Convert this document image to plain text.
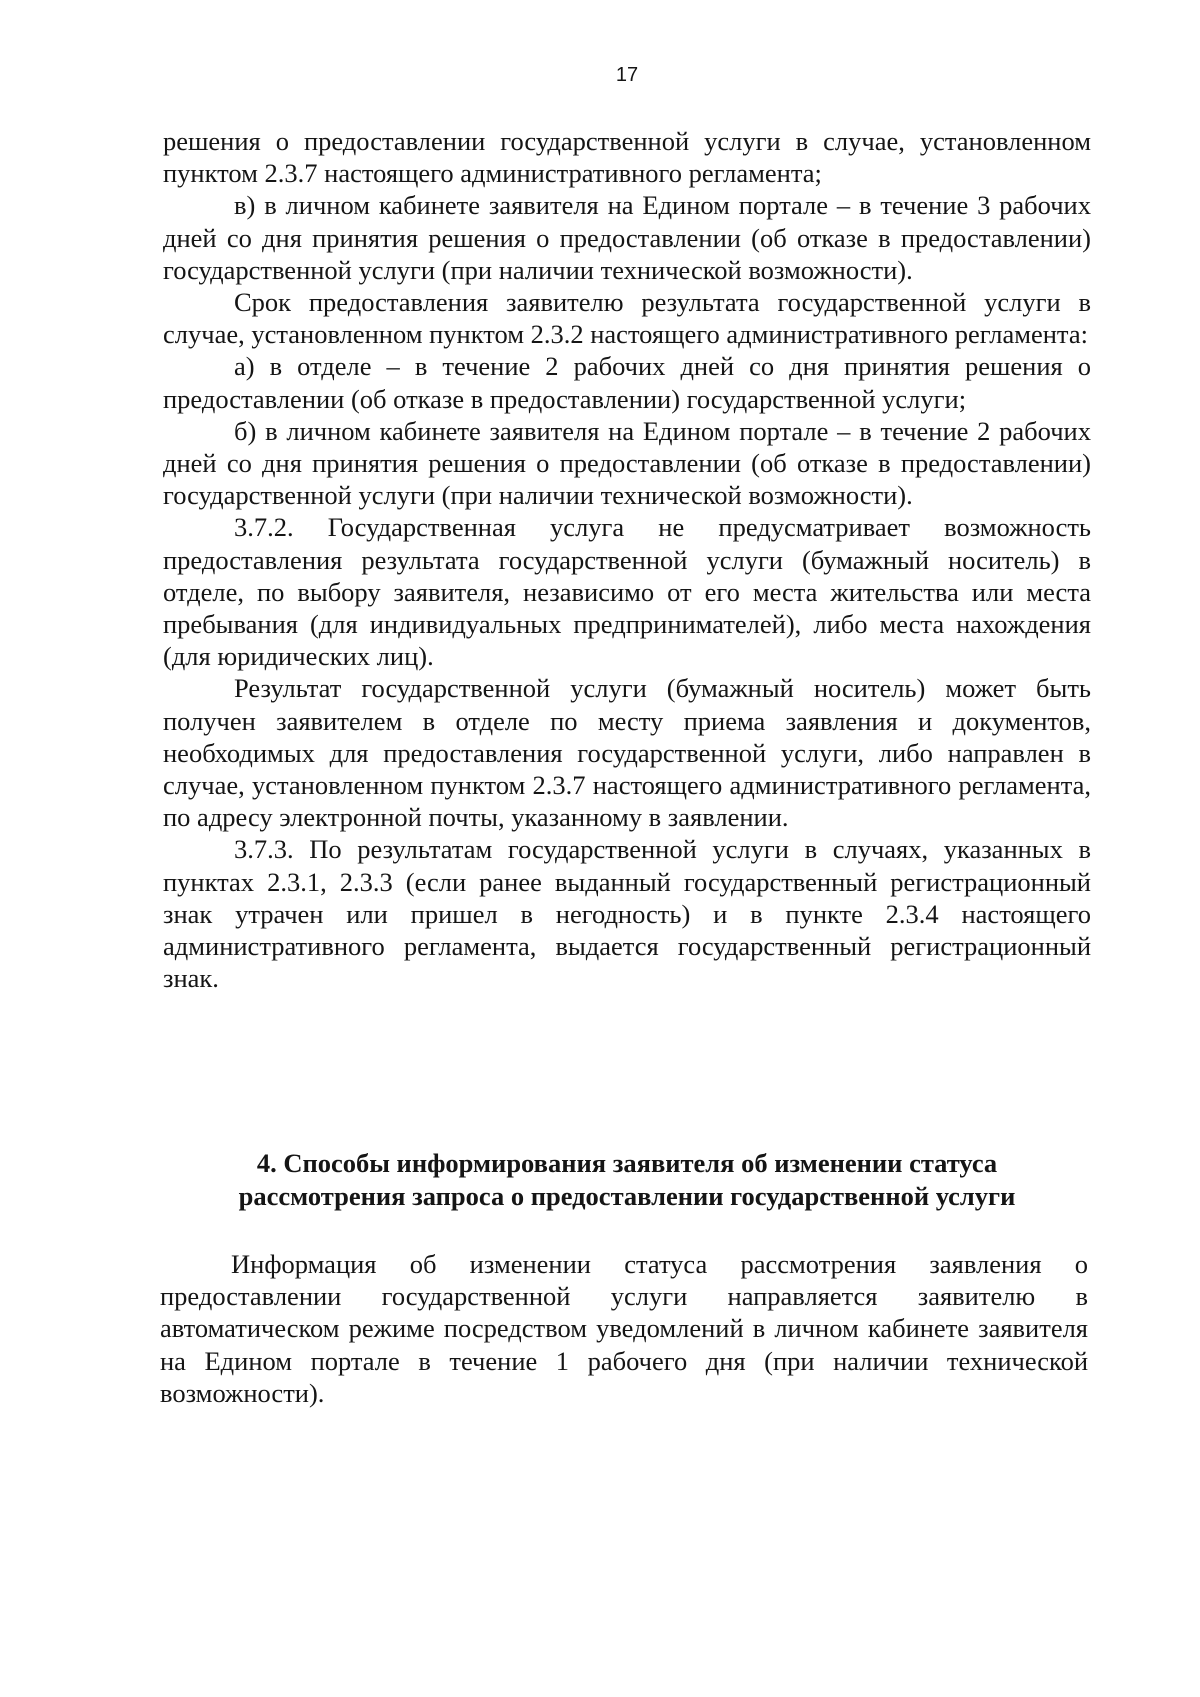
17

решения о предоставлении государственной услуги в случае, установленном пунктом 2.3.7 настоящего административного регламента;

в) в личном кабинете заявителя на Едином портале – в течение 3 рабочих дней со дня принятия решения о предоставлении (об отказе в предоставлении) государственной услуги (при наличии технической возможности).

Срок предоставления заявителю результата государственной услуги в случае, установленном пунктом 2.3.2 настоящего административного регламента:

а) в отделе – в течение 2 рабочих дней со дня принятия решения о предоставлении (об отказе в предоставлении) государственной услуги;

б) в личном кабинете заявителя на Едином портале – в течение 2 рабочих дней со дня принятия решения о предоставлении (об отказе в предоставлении) государственной услуги (при наличии технической возможности).

3.7.2. Государственная услуга не предусматривает возможность предоставления результата государственной услуги (бумажный носитель) в отделе, по выбору заявителя, независимо от его места жительства или места пребывания (для индивидуальных предпринимателей), либо места нахождения (для юридических лиц).

Результат государственной услуги (бумажный носитель) может быть получен заявителем в отделе по месту приема заявления и документов, необходимых для предоставления государственной услуги, либо направлен в случае, установленном пунктом 2.3.7 настоящего административного регламента, по адресу электронной почты, указанному в заявлении.

3.7.3. По результатам государственной услуги в случаях, указанных в пунктах 2.3.1, 2.3.3 (если ранее выданный государственный регистрационный знак утрачен или пришел в негодность) и в пункте 2.3.4 настоящего административного регламента, выдается государственный регистрационный знак.

4. Способы информирования заявителя об изменении статуса
рассмотрения запроса о предоставлении государственной услуги

Информация об изменении статуса рассмотрения заявления о предоставлении государственной услуги направляется заявителю в автоматическом режиме посредством уведомлений в личном кабинете заявителя на Едином портале в течение 1 рабочего дня (при наличии технической возможности).
